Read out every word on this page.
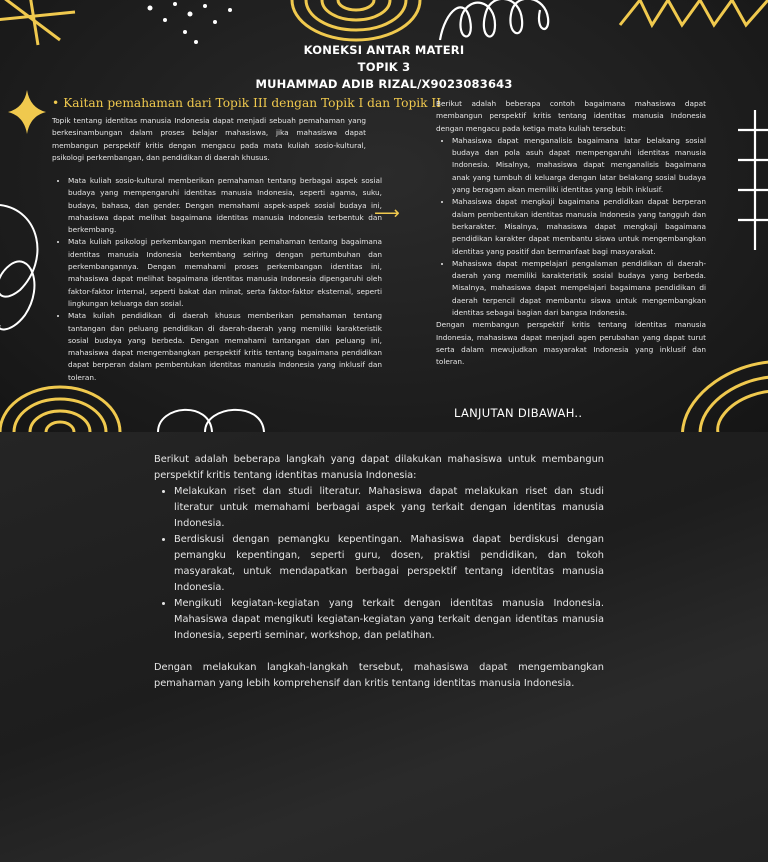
KONEKSI ANTAR MATERI
TOPIK 3
MUHAMMAD ADIB RIZAL/X9023083643
• Kaitan pemahaman dari Topik III dengan Topik I dan Topik II
Topik tentang identitas manusia Indonesia dapat menjadi sebuah pemahaman yang berkesinambungan dalam proses belajar mahasiswa, jika mahasiswa dapat membangun perspektif kritis dengan mengacu pada mata kuliah sosio-kultural, psikologi perkembangan, dan pendidikan di daerah khusus.
• Mata kuliah sosio-kultural memberikan pemahaman tentang berbagai aspek sosial budaya yang mempengaruhi identitas manusia Indonesia, seperti agama, suku, budaya, bahasa, dan gender. Dengan memahami aspek-aspek sosial budaya ini, mahasiswa dapat melihat bagaimana identitas manusia Indonesia terbentuk dan berkembang.
• Mata kuliah psikologi perkembangan memberikan pemahaman tentang bagaimana identitas manusia Indonesia berkembang seiring dengan pertumbuhan dan perkembangannya. Dengan memahami proses perkembangan identitas ini, mahasiswa dapat melihat bagaimana identitas manusia Indonesia dipengaruhi oleh faktor-faktor internal, seperti bakat dan minat, serta faktor-faktor eksternal, seperti lingkungan keluarga dan sosial.
• Mata kuliah pendidikan di daerah khusus memberikan pemahaman tentang tantangan dan peluang pendidikan di daerah-daerah yang memiliki karakteristik sosial budaya yang berbeda. Dengan memahami tantangan dan peluang ini, mahasiswa dapat mengembangkan perspektif kritis tentang bagaimana pendidikan dapat berperan dalam pembentukan identitas manusia Indonesia yang inklusif dan toleran.
⟶

Berikut adalah beberapa contoh bagaimana mahasiswa dapat membangun perspektif kritis tentang identitas manusia Indonesia dengan mengacu pada ketiga mata kuliah tersebut:

• Mahasiswa dapat menganalisis bagaimana latar belakang sosial budaya dan pola asuh dapat mempengaruhi identitas manusia Indonesia. Misalnya, mahasiswa dapat menganalisis bagaimana anak yang tumbuh di keluarga dengan latar belakang sosial budaya yang beragam akan memiliki identitas yang lebih inklusif.
• Mahasiswa dapat mengkaji bagaimana pendidikan dapat berperan dalam pembentukan identitas manusia Indonesia yang tangguh dan berkarakter. Misalnya, mahasiswa dapat mengkaji bagaimana pendidikan karakter dapat membantu siswa untuk mengembangkan identitas yang positif dan bermanfaat bagi masyarakat.
• Mahasiswa dapat mempelajari pengalaman pendidikan di daerah-daerah yang memiliki karakteristik sosial budaya yang berbeda. Misalnya, mahasiswa dapat mempelajari bagaimana pendidikan di daerah terpencil dapat membantu siswa untuk mengembangkan identitas sebagai bagian dari bangsa Indonesia.

Dengan membangun perspektif kritis tentang identitas manusia Indonesia, mahasiswa dapat menjadi agen perubahan yang dapat turut serta dalam mewujudkan masyarakat Indonesia yang inklusif dan toleran.

LANJUTAN DIBAWAH..

Berikut adalah beberapa langkah yang dapat dilakukan mahasiswa untuk membangun perspektif kritis tentang identitas manusia Indonesia:

• Melakukan riset dan studi literatur. Mahasiswa dapat melakukan riset dan studi literatur untuk memahami berbagai aspek yang terkait dengan identitas manusia Indonesia.
• Berdiskusi dengan pemangku kepentingan. Mahasiswa dapat berdiskusi dengan pemangku kepentingan, seperti guru, dosen, praktisi pendidikan, dan tokoh masyarakat, untuk mendapatkan berbagai perspektif tentang identitas manusia Indonesia.
• Mengikuti kegiatan-kegiatan yang terkait dengan identitas manusia Indonesia. Mahasiswa dapat mengikuti kegiatan-kegiatan yang terkait dengan identitas manusia Indonesia, seperti seminar, workshop, dan pelatihan.

Dengan melakukan langkah-langkah tersebut, mahasiswa dapat mengembangkan pemahaman yang lebih komprehensif dan kritis tentang identitas manusia Indonesia.
